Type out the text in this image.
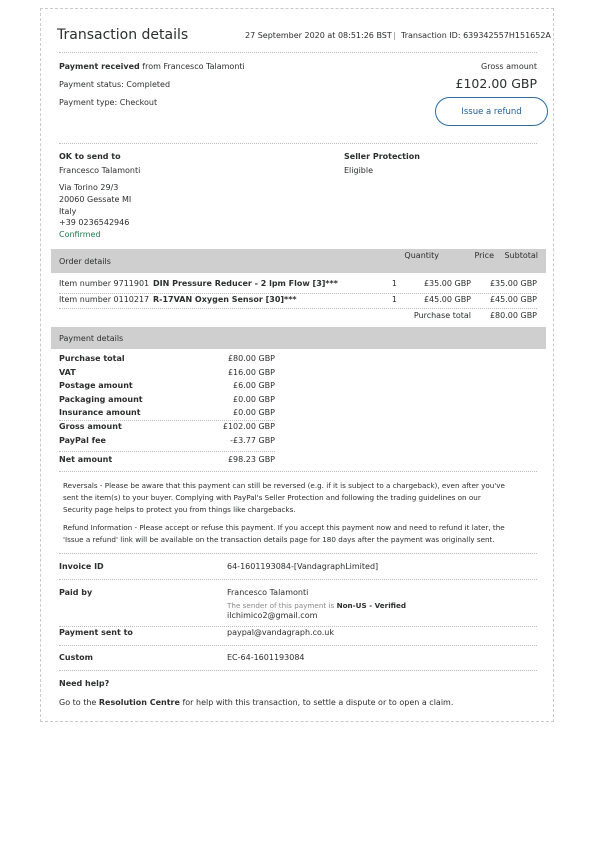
Transaction details	27 September 2020 at 08:51:26 BST | Transaction ID: 639342557H151652A
Payment received from Francesco Talamonti
Payment status: Completed
Payment type: Checkout
Gross amount
£102.00 GBP
Issue a refund
OK to send to
Francesco Talamonti
Via Torino 29/3
20060 Gessate MI
Italy
+39 0236542946
Confirmed
Seller Protection
Eligible
Order details
Quantity	Price Subtotal
Item number 9711901 DIN Pressure Reducer - 2 lpm Flow [3]***	1	£35.00 GBP £35.00 GBP
Item number 0110217 R-17VAN Oxygen Sensor [30]***	1	£45.00 GBP £45.00 GBP
Purchase total £80.00 GBP
Payment details
Purchase total	£80.00 GBP
VAT	£16.00 GBP
Postage amount	£6.00 GBP
Packaging amount	£0.00 GBP
Insurance amount	£0.00 GBP
Gross amount	£102.00 GBP
PayPal fee	-£3.77 GBP
Net amount	£98.23 GBP
Reversals - Please be aware that this payment can still be reversed (e.g. if it is subject to a chargeback), even after you've
sent the item(s) to your buyer. Complying with PayPal's Seller Protection and following the trading guidelines on our
Security page helps to protect you from things like chargebacks.
Refund Information - Please accept or refuse this payment. If you accept this payment now and need to refund it later, the
'Issue a refund' link will be available on the transaction details page for 180 days after the payment was originally sent.
Invoice ID	64-1601193084-[VandagraphLimited]
Paid by	Francesco Talamonti
The sender of this payment is Non-US - Verified
ilchimico2@gmail.com
Payment sent to	paypal@vandagraph.co.uk
Custom	EC-64-1601193084
Need help?
Go to the Resolution Centre for help with this transaction, to settle a dispute or to open a claim.
